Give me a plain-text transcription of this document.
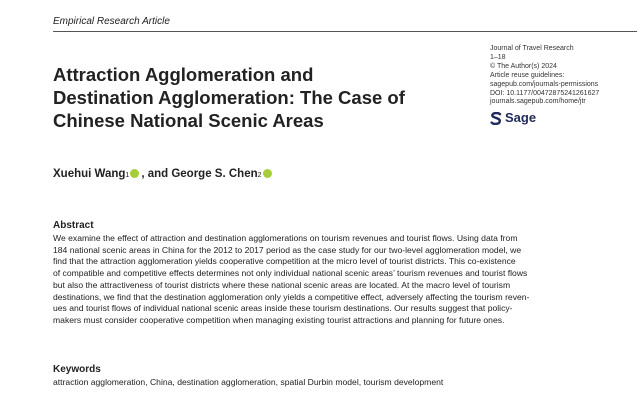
Empirical Research Article
Attraction Agglomeration and
Destination Agglomeration: The Case of
Chinese National Scenic Areas
Journal of Travel Research
1–18
© The Author(s) 2024
Article reuse guidelines:
sagepub.com/journals-permissions
DOI: 10.1177/00472875241261627
journals.sagepub.com/home/jtr
Sage
Xuehui Wang 1 , and George S. Chen 2
Abstract
We examine the effect of attraction and destination agglomerations on tourism revenues and tourist flows. Using data from
184 national scenic areas in China for the 2012 to 2017 period as the case study for our two-level agglomeration model, we
find that the attraction agglomeration yields cooperative competition at the micro level of tourist districts. This co-existence
of compatible and competitive effects determines not only individual national scenic areas’ tourism revenues and tourist flows
but also the attractiveness of tourist districts where these national scenic areas are located. At the macro level of tourism
destinations, we find that the destination agglomeration only yields a competitive effect, adversely affecting the tourism reven-
ues and tourist flows of individual national scenic areas inside these tourism destinations. Our results suggest that policy-
makers must consider cooperative competition when managing existing tourist attractions and planning for future ones.
Keywords
attraction agglomeration, China, destination agglomeration, spatial Durbin model, tourism development
